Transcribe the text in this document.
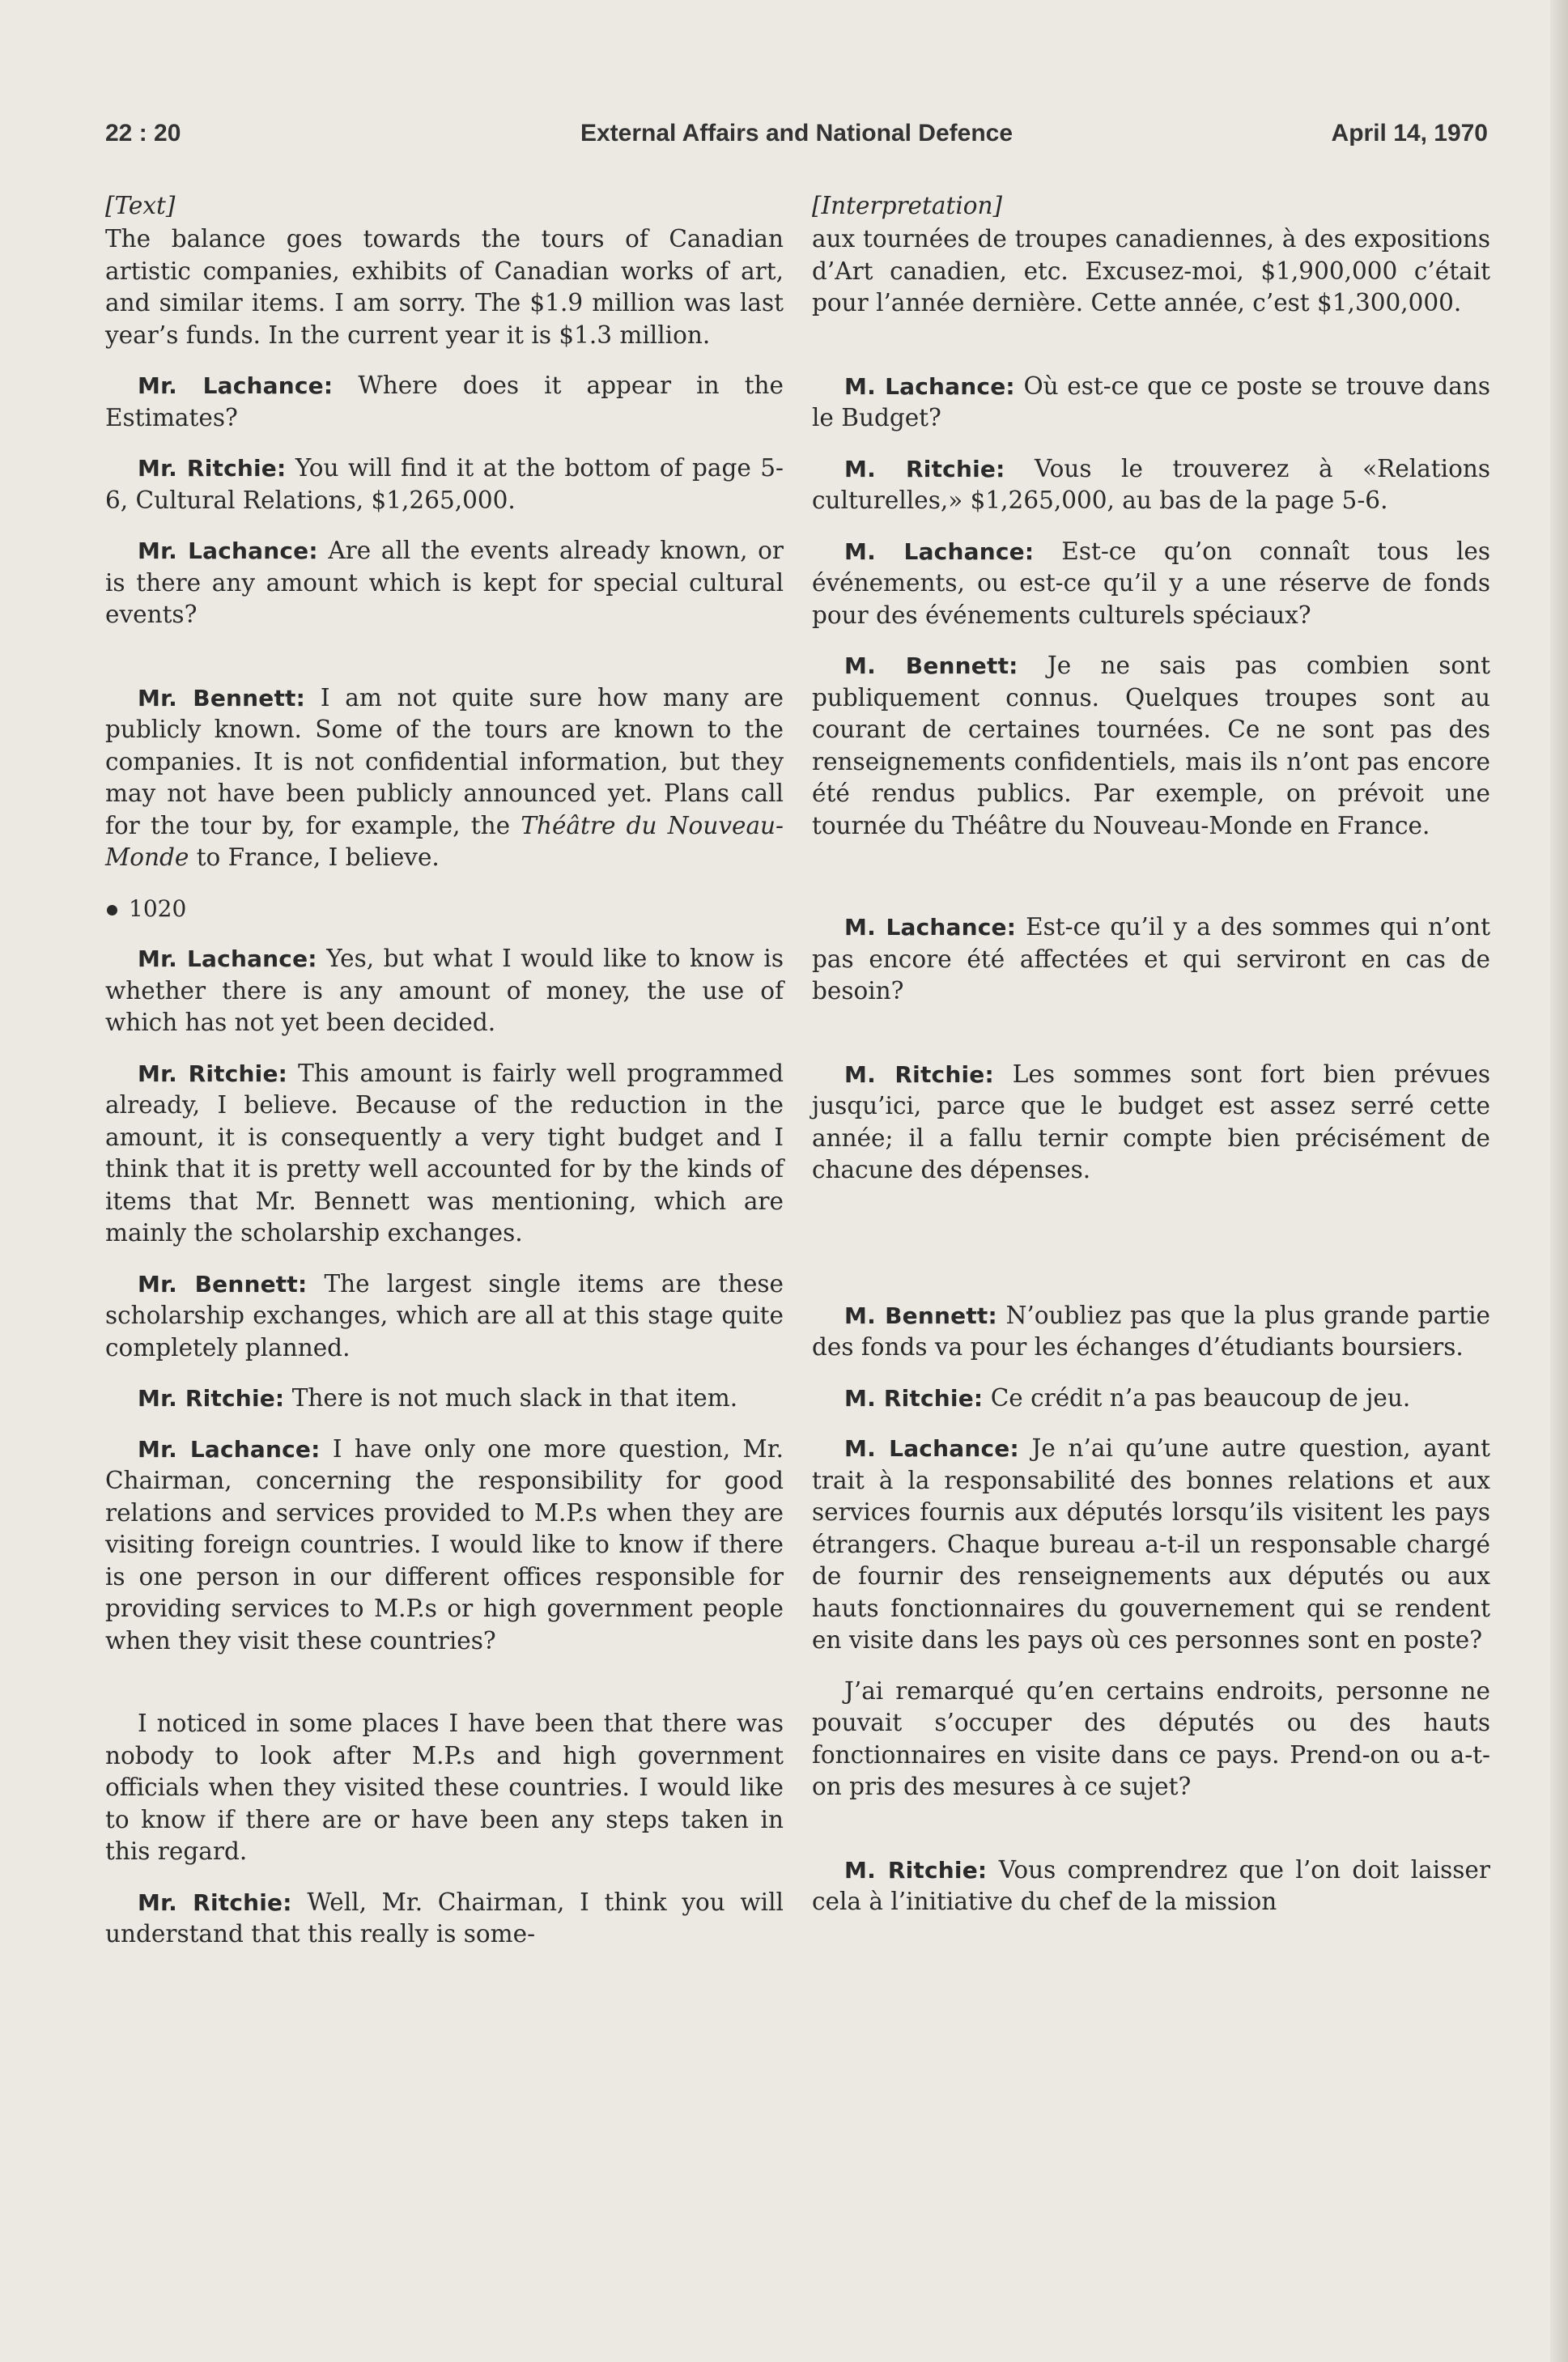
22 : 20	External Affairs and National Defence	April 14, 1970
[Text]

The balance goes towards the tours of Canadian artistic companies, exhibits of Canadian works of art, and similar items. I am sorry. The $1.9 million was last year’s funds. In the current year it is $1.3 million.

Mr. Lachance: Where does it appear in the Estimates?

Mr. Ritchie: You will find it at the bottom of page 5-6, Cultural Relations, $1,265,000.

Mr. Lachance: Are all the events already known, or is there any amount which is kept for special cultural events?

Mr. Bennett: I am not quite sure how many are publicly known. Some of the tours are known to the companies. It is not confidential information, but they may not have been publicly announced yet. Plans call for the tour by, for example, the Théâtre du Nouveau-Monde to France, I believe.

1020

Mr. Lachance: Yes, but what I would like to know is whether there is any amount of money, the use of which has not yet been decided.

Mr. Ritchie: This amount is fairly well programmed already, I believe. Because of the reduction in the amount, it is consequently a very tight budget and I think that it is pretty well accounted for by the kinds of items that Mr. Bennett was mentioning, which are mainly the scholarship exchanges.

Mr. Bennett: The largest single items are these scholarship exchanges, which are all at this stage quite completely planned.

Mr. Ritchie: There is not much slack in that item.

Mr. Lachance: I have only one more question, Mr. Chairman, concerning the responsibility for good relations and services provided to M.P.s when they are visiting foreign countries. I would like to know if there is one person in our different offices responsible for providing services to M.P.s or high government people when they visit these countries?

I noticed in some places I have been that there was nobody to look after M.P.s and high government officials when they visited these countries. I would like to know if there are or have been any steps taken in this regard.

Mr. Ritchie: Well, Mr. Chairman, I think you will understand that this really is some-

[Interpretation]

aux tournées de troupes canadiennes, à des expositions d’Art canadien, etc. Excusez-moi, $1,900,000 c’était pour l’année dernière. Cette année, c’est $1,300,000.

M. Lachance: Où est-ce que ce poste se trouve dans le Budget?

M. Ritchie: Vous le trouverez à «Relations culturelles,» $1,265,000, au bas de la page 5-6.

M. Lachance: Est-ce qu’on connaît tous les événements, ou est-ce qu’il y a une réserve de fonds pour des événements culturels spéciaux?

M. Bennett: Je ne sais pas combien sont publiquement connus. Quelques troupes sont au courant de certaines tournées. Ce ne sont pas des renseignements confidentiels, mais ils n’ont pas encore été rendus publics. Par exemple, on prévoit une tournée du Théâtre du Nouveau-Monde en France.

M. Lachance: Est-ce qu’il y a des sommes qui n’ont pas encore été affectées et qui serviront en cas de besoin?

M. Ritchie: Les sommes sont fort bien prévues jusqu’ici, parce que le budget est assez serré cette année; il a fallu ternir compte bien précisément de chacune des dépenses.

M. Bennett: N’oubliez pas que la plus grande partie des fonds va pour les échanges d’étudiants boursiers.

M. Ritchie: Ce crédit n’a pas beaucoup de jeu.

M. Lachance: Je n’ai qu’une autre question, ayant trait à la responsabilité des bonnes relations et aux services fournis aux députés lorsqu’ils visitent les pays étrangers. Chaque bureau a-t-il un responsable chargé de fournir des renseignements aux députés ou aux hauts fonctionnaires du gouvernement qui se rendent en visite dans les pays où ces personnes sont en poste?

J’ai remarqué qu’en certains endroits, personne ne pouvait s’occuper des députés ou des hauts fonctionnaires en visite dans ce pays. Prend-on ou a-t-on pris des mesures à ce sujet?

M. Ritchie: Vous comprendrez que l’on doit laisser cela à l’initiative du chef de la mission
